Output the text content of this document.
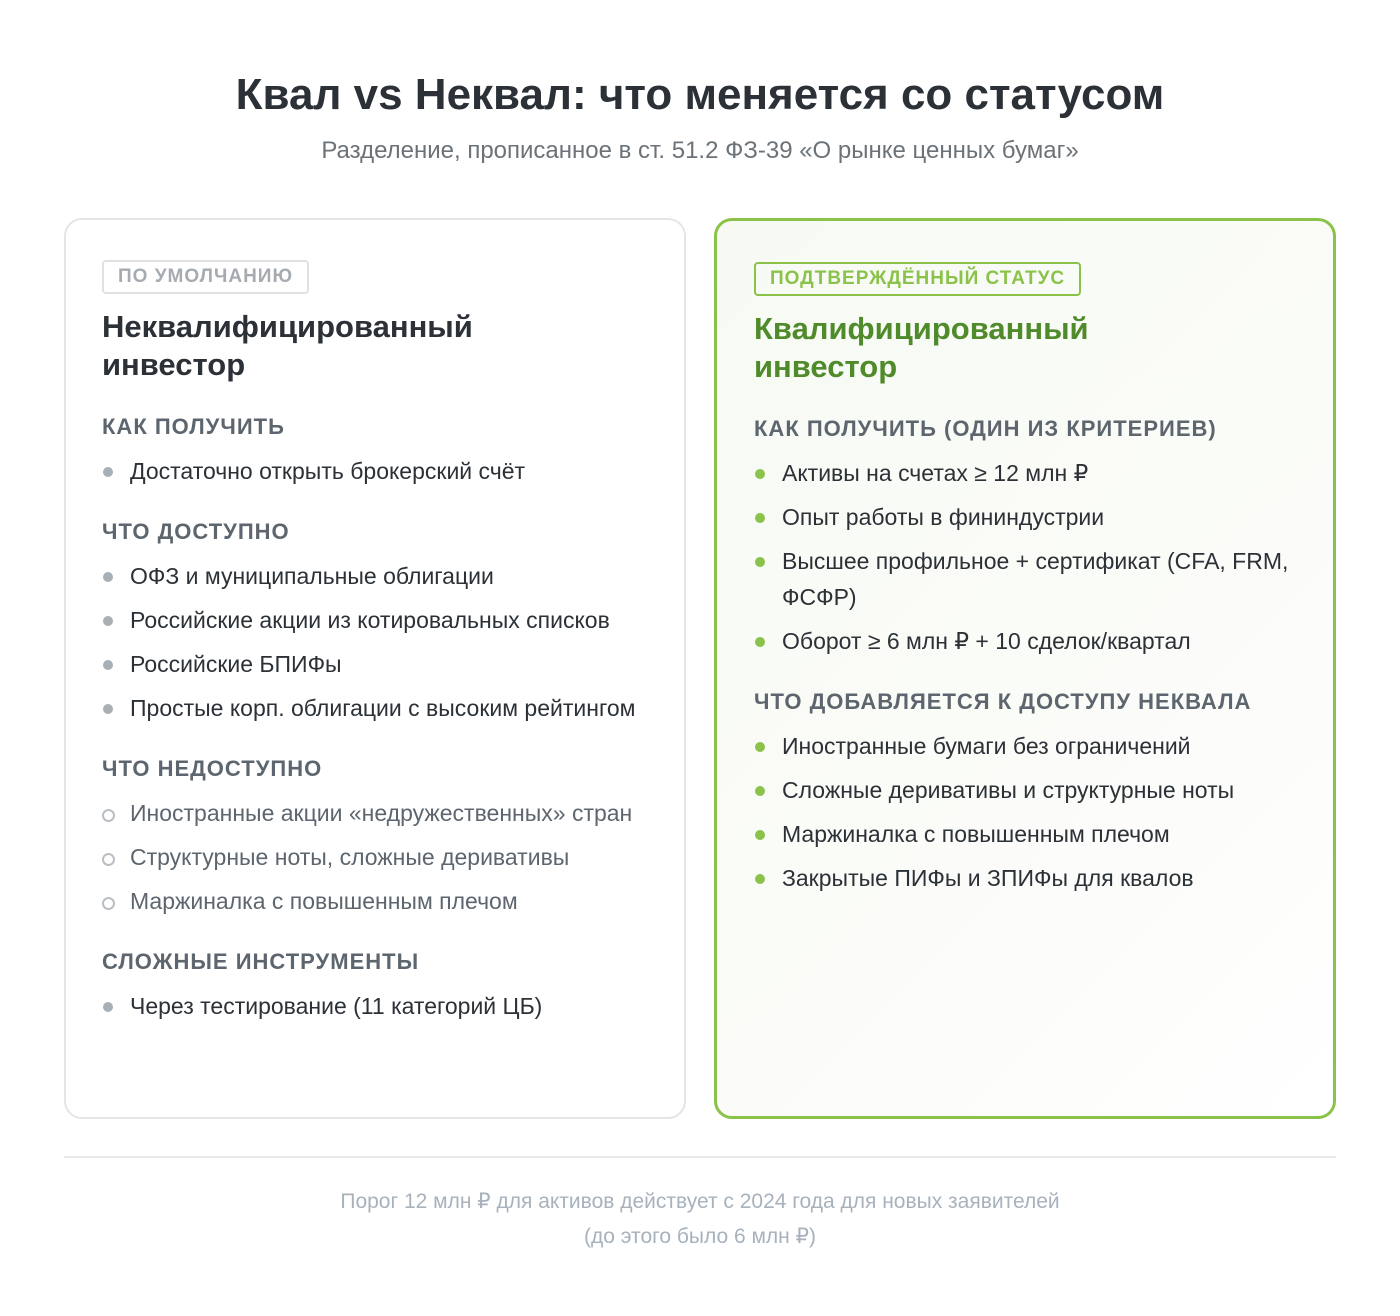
Квал vs Неквал: что меняется со статусом
Разделение, прописанное в ст. 51.2 ФЗ-39 «О рынке ценных бумаг»
ПО УМОЛЧАНИЮ
Неквалифицированный
инвестор
КАК ПОЛУЧИТЬ
Достаточно открыть брокерский счёт
ЧТО ДОСТУПНО
ОФЗ и муниципальные облигации
Российские акции из котировальных списков
Российские БПИФы
Простые корп. облигации с высоким рейтингом
ЧТО НЕДОСТУПНО
Иностранные акции «недружественных» стран
Структурные ноты, сложные деривативы
Маржиналка с повышенным плечом
СЛОЖНЫЕ ИНСТРУМЕНТЫ
Через тестирование (11 категорий ЦБ)
ПОДТВЕРЖДЁННЫЙ СТАТУС
Квалифицированный
инвестор
КАК ПОЛУЧИТЬ (ОДИН ИЗ КРИТЕРИЕВ)
Активы на счетах ≥ 12 млн ₽
Опыт работы в фининдустрии
Высшее профильное + сертификат (CFA, FRM, ФСФР)
Оборот ≥ 6 млн ₽ + 10 сделок/квартал
ЧТО ДОБАВЛЯЕТСЯ К ДОСТУПУ НЕКВАЛА
Иностранные бумаги без ограничений
Сложные деривативы и структурные ноты
Маржиналка с повышенным плечом
Закрытые ПИФы и ЗПИФы для квалов
Порог 12 млн ₽ для активов действует с 2024 года для новых заявителей
(до этого было 6 млн ₽)
